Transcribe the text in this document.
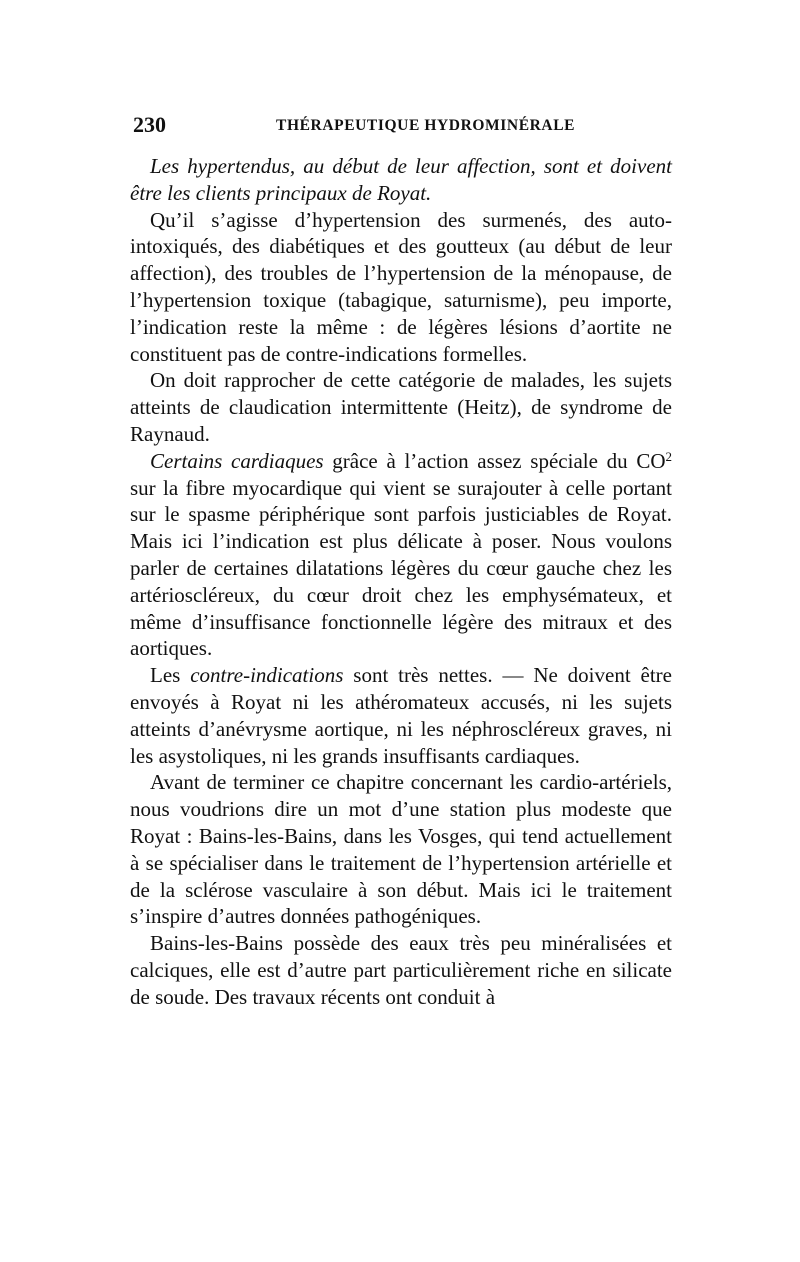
230	THÉRAPEUTIQUE HYDROMINÉRALE

Les hypertendus, au début de leur affection, sont et doivent être les clients principaux de Royat.

Qu’il s’agisse d’hypertension des surmenés, des auto-intoxiqués, des diabétiques et des goutteux (au début de leur affection), des troubles de l’hypertension de la ménopause, de l’hypertension toxique (tabagique, saturnisme), peu importe, l’indication reste la même : de légères lésions d’aortite ne constituent pas de contre-indications formelles.

On doit rapprocher de cette catégorie de malades, les sujets atteints de claudication intermittente (Heitz), de syndrome de Raynaud.

Certains cardiaques grâce à l’action assez spéciale du $CO^2$ sur la fibre myocardique qui vient se surajouter à celle portant sur le spasme périphérique sont parfois justiciables de Royat. Mais ici l’indication est plus délicate à poser. Nous voulons parler de certaines dilatations légères du cœur gauche chez les artérioscléreux, du cœur droit chez les emphysémateux, et même d’insuffisance fonctionnelle légère des mitraux et des aortiques.

Les contre-indications sont très nettes. — Ne doivent être envoyés à Royat ni les athéromateux accusés, ni les sujets atteints d’anévrysme aortique, ni les néphroscléreux graves, ni les asystoliques, ni les grands insuffisants cardiaques.

Avant de terminer ce chapitre concernant les cardio-artériels, nous voudrions dire un mot d’une station plus modeste que Royat : Bains-les-Bains, dans les Vosges, qui tend actuellement à se spécialiser dans le traitement de l’hypertension artérielle et de la sclérose vasculaire à son début. Mais ici le traitement s’inspire d’autres données pathogéniques.

Bains-les-Bains possède des eaux très peu minéralisées et calciques, elle est d’autre part particulièrement riche en silicate de soude. Des travaux récents ont conduit à
